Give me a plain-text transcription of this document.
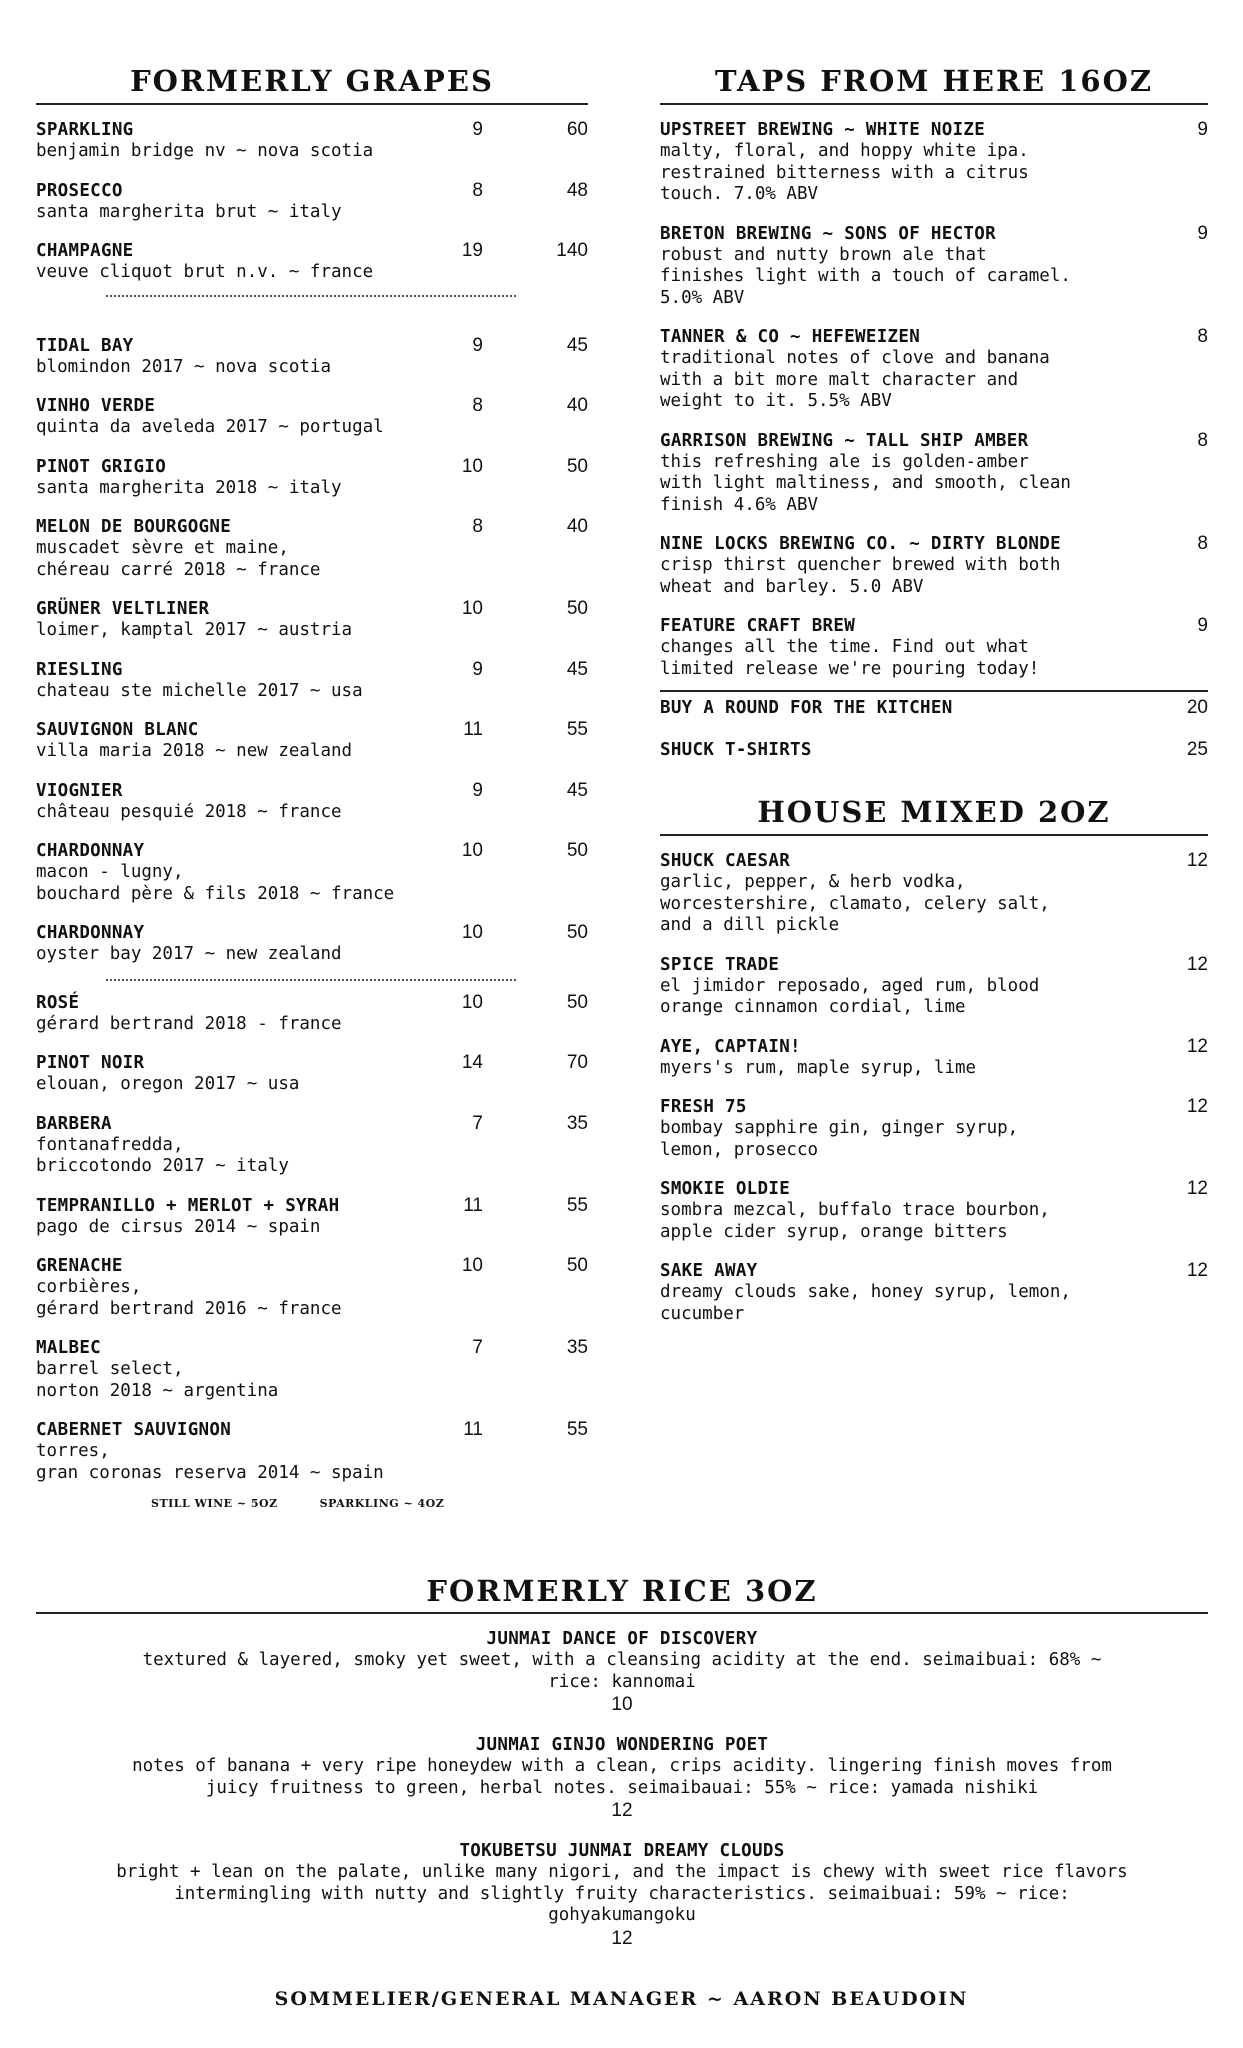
FORMERLY GRAPES
SPARKLING
benjamin bridge nv ~ nova scotia
9	60
PROSECCO
santa margherita brut ~ italy
8	48
CHAMPAGNE
veuve cliquot brut n.v. ~ france
19	140
TIDAL BAY
blomindon 2017 ~ nova scotia
9	45
VINHO VERDE
quinta da aveleda 2017 ~ portugal
8	40
PINOT GRIGIO
santa margherita 2018 ~ italy
10	50
MELON DE BOURGOGNE
muscadet sèvre et maine,
chéreau carré 2018 ~ france
8	40
GRÜNER VELTLINER
loimer, kamptal 2017 ~ austria
10	50
RIESLING
chateau ste michelle 2017 ~ usa
9	45
SAUVIGNON BLANC
villa maria 2018 ~ new zealand
11	55
VIOGNIER
château pesquié 2018 ~ france
9	45
CHARDONNAY
macon - lugny,
bouchard père & fils 2018 ~ france
10	50
CHARDONNAY
oyster bay 2017 ~ new zealand
10	50
ROSÉ
gérard bertrand 2018 - france
10	50
PINOT NOIR
elouan, oregon 2017 ~ usa
14	70
BARBERA
fontanafredda,
briccotondo 2017 ~ italy
7	35
TEMPRANILLO + MERLOT + SYRAH
pago de cirsus 2014 ~ spain
11	55
GRENACHE
corbières,
gérard bertrand 2016 ~ france
10	50
MALBEC
barrel select,
norton 2018 ~ argentina
7	35
CABERNET SAUVIGNON
torres,
gran coronas reserva 2014 ~ spain
11	55
STILL WINE ~ 5OZ	SPARKLING ~ 4OZ
TAPS FROM HERE 16OZ
UPSTREET BREWING ~ WHITE NOIZE
malty, floral, and hoppy white ipa.
restrained bitterness with a citrus
touch. 7.0% ABV
9
BRETON BREWING ~ SONS OF HECTOR
robust and nutty brown ale that
finishes light with a touch of caramel.
5.0% ABV
9
TANNER & CO ~ HEFEWEIZEN
traditional notes of clove and banana
with a bit more malt character and
weight to it. 5.5% ABV
8
GARRISON BREWING ~ TALL SHIP AMBER
this refreshing ale is golden-amber
with light maltiness, and smooth, clean
finish 4.6% ABV
8
NINE LOCKS BREWING CO. ~ DIRTY BLONDE
crisp thirst quencher brewed with both
wheat and barley. 5.0 ABV
8
FEATURE CRAFT BREW
changes all the time. Find out what
limited release we're pouring today!
9
BUY A ROUND FOR THE KITCHEN	20
SHUCK T-SHIRTS	25
HOUSE MIXED 2OZ
SHUCK CAESAR
garlic, pepper, & herb vodka,
worcestershire, clamato, celery salt,
and a dill pickle
12
SPICE TRADE
el jimidor reposado, aged rum, blood
orange cinnamon cordial, lime
12
AYE, CAPTAIN!
myers's rum, maple syrup, lime
12
FRESH 75
bombay sapphire gin, ginger syrup,
lemon, prosecco
12
SMOKIE OLDIE
sombra mezcal, buffalo trace bourbon,
apple cider syrup, orange bitters
12
SAKE AWAY
dreamy clouds sake, honey syrup, lemon,
cucumber
12
FORMERLY RICE 3OZ
JUNMAI DANCE OF DISCOVERY
textured & layered, smoky yet sweet, with a cleansing acidity at the end. seimaibuai: 68% ~
rice: kannomai
10
JUNMAI GINJO WONDERING POET
notes of banana + very ripe honeydew with a clean, crips acidity. lingering finish moves from
juicy fruitness to green, herbal notes. seimaibauai: 55% ~ rice: yamada nishiki
12
TOKUBETSU JUNMAI DREAMY CLOUDS
bright + lean on the palate, unlike many nigori, and the impact is chewy with sweet rice flavors
intermingling with nutty and slightly fruity characteristics. seimaibuai: 59% ~ rice:
gohyakumangoku
12
SOMMELIER/GENERAL MANAGER ~ AARON BEAUDOIN
